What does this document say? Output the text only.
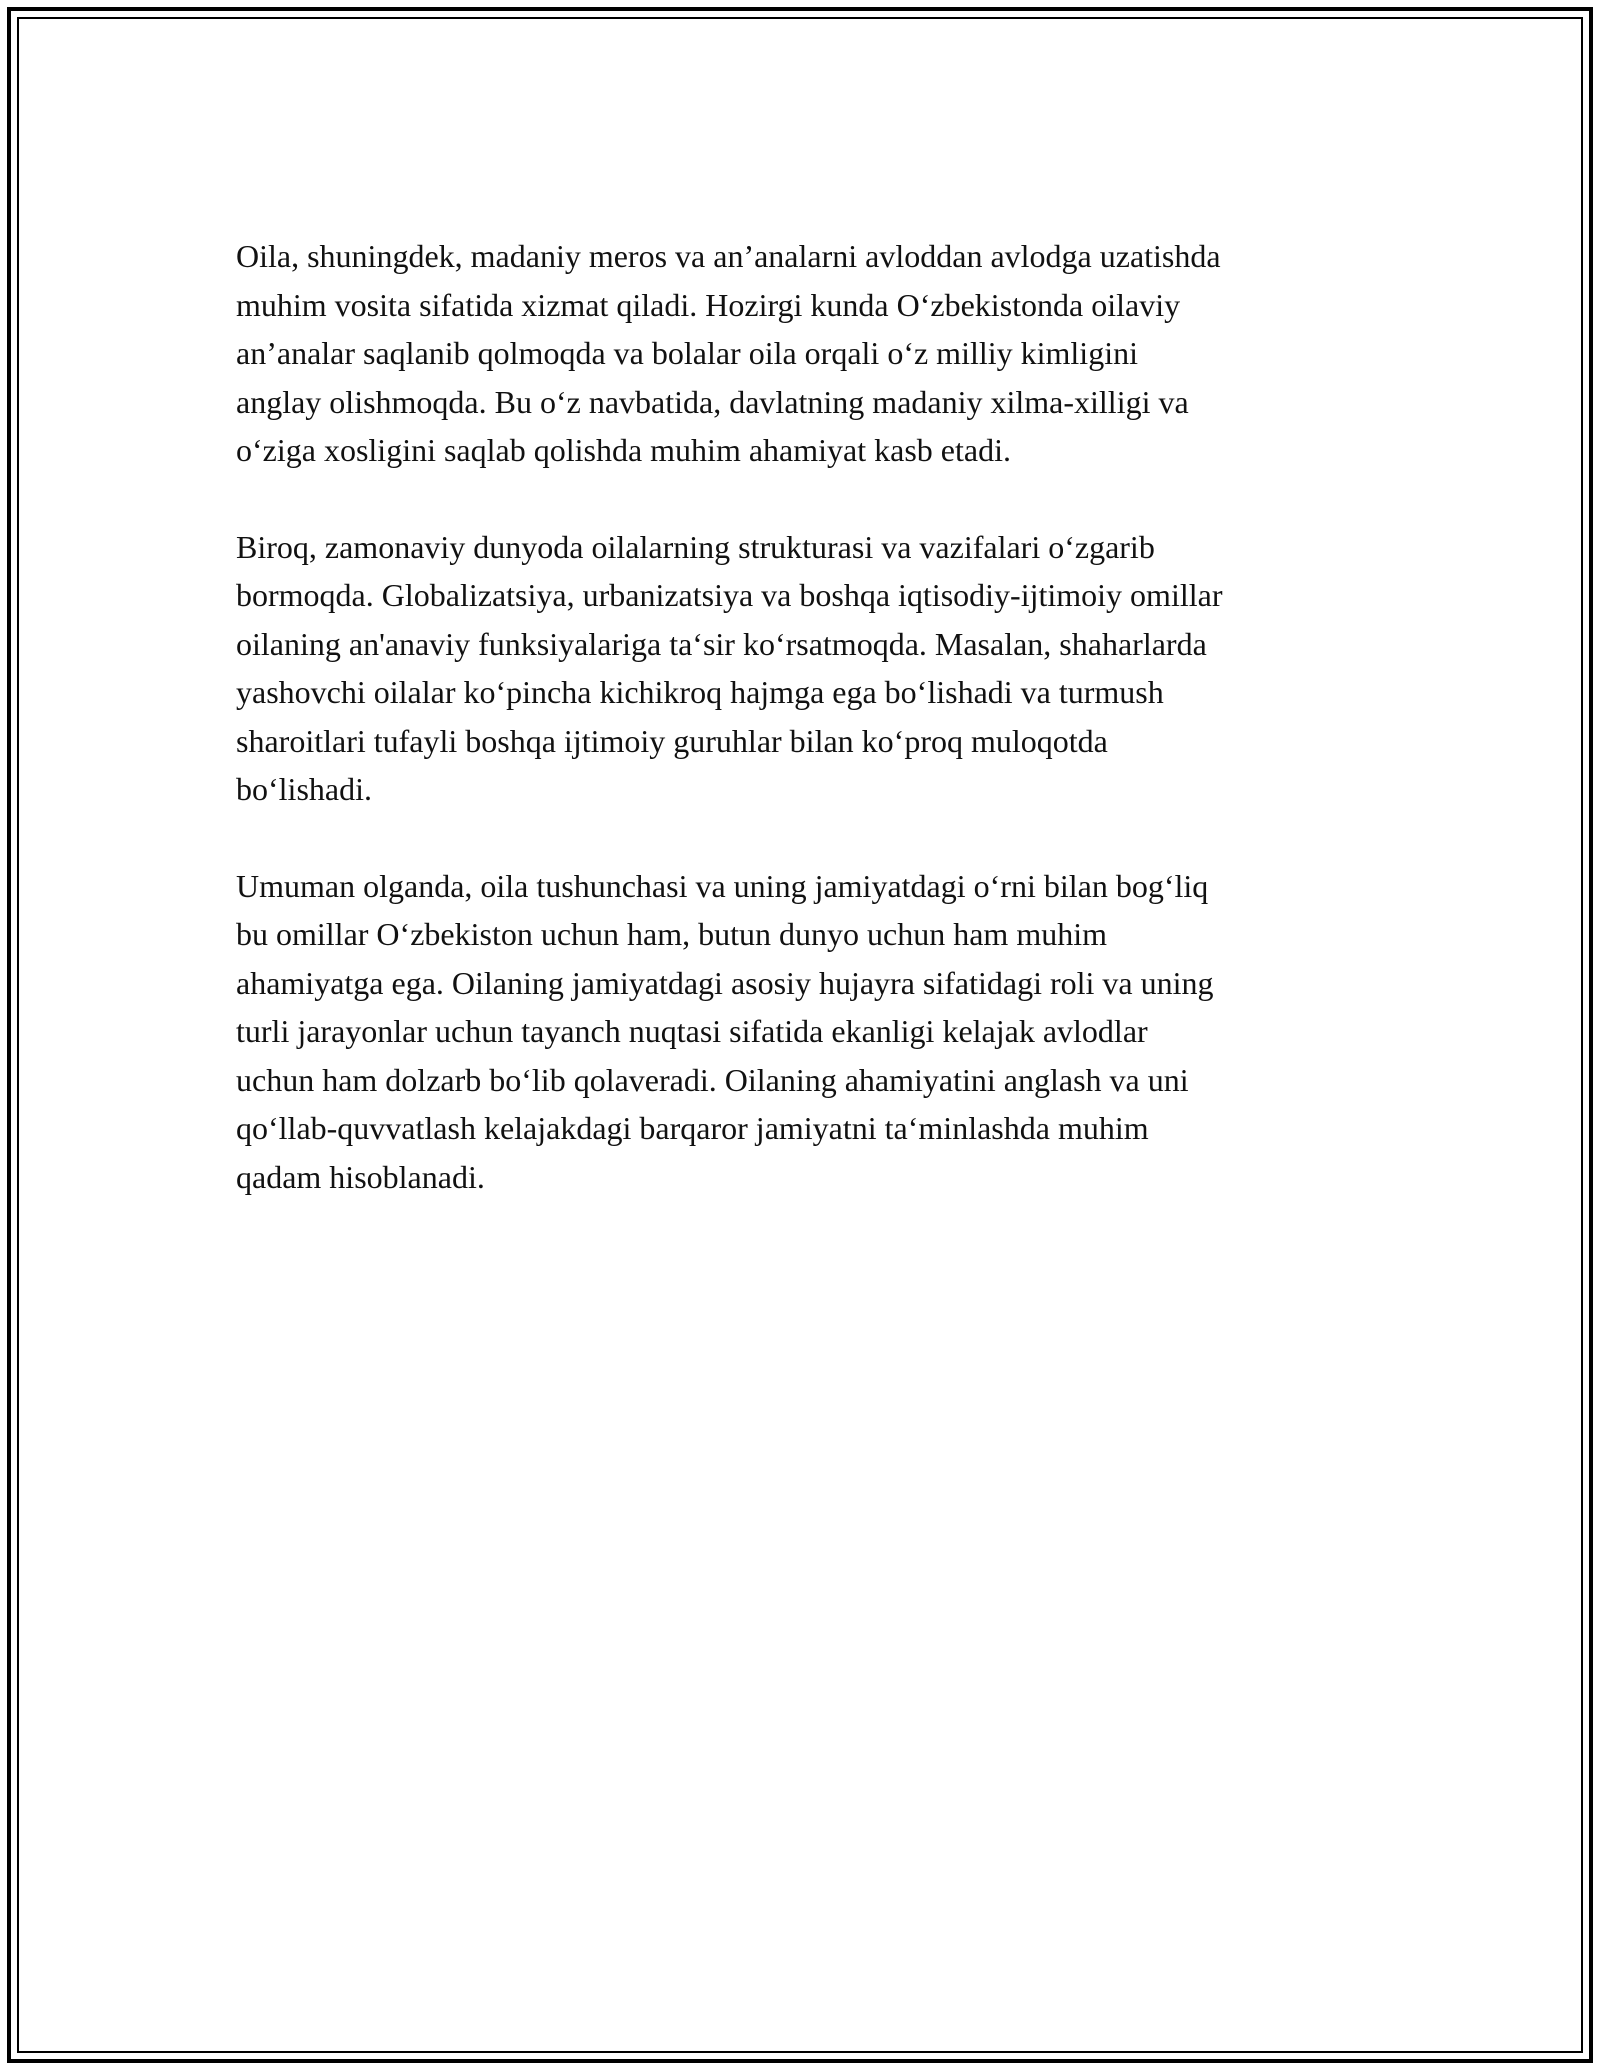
Oila, shuningdek, madaniy meros va an’analarni avloddan avlodga uzatishda
muhim vosita sifatida xizmat qiladi. Hozirgi kunda O‘zbekistonda oilaviy
an’analar saqlanib qolmoqda va bolalar oila orqali o‘z milliy kimligini
anglay olishmoqda. Bu o‘z navbatida, davlatning madaniy xilma-xilligi va
o‘ziga xosligini saqlab qolishda muhim ahamiyat kasb etadi.

Biroq, zamonaviy dunyoda oilalarning strukturasi va vazifalari o‘zgarib
bormoqda. Globalizatsiya, urbanizatsiya va boshqa iqtisodiy-ijtimoiy omillar
oilaning an'anaviy funksiyalariga ta‘sir ko‘rsatmoqda. Masalan, shaharlarda
yashovchi oilalar ko‘pincha kichikroq hajmga ega bo‘lishadi va turmush
sharoitlari tufayli boshqa ijtimoiy guruhlar bilan ko‘proq muloqotda
bo‘lishadi.

Umuman olganda, oila tushunchasi va uning jamiyatdagi o‘rni bilan bog‘liq
bu omillar O‘zbekiston uchun ham, butun dunyo uchun ham muhim
ahamiyatga ega. Oilaning jamiyatdagi asosiy hujayra sifatidagi roli va uning
turli jarayonlar uchun tayanch nuqtasi sifatida ekanligi kelajak avlodlar
uchun ham dolzarb bo‘lib qolaveradi. Oilaning ahamiyatini anglash va uni
qo‘llab-quvvatlash kelajakdagi barqaror jamiyatni ta‘minlashda muhim
qadam hisoblanadi.
